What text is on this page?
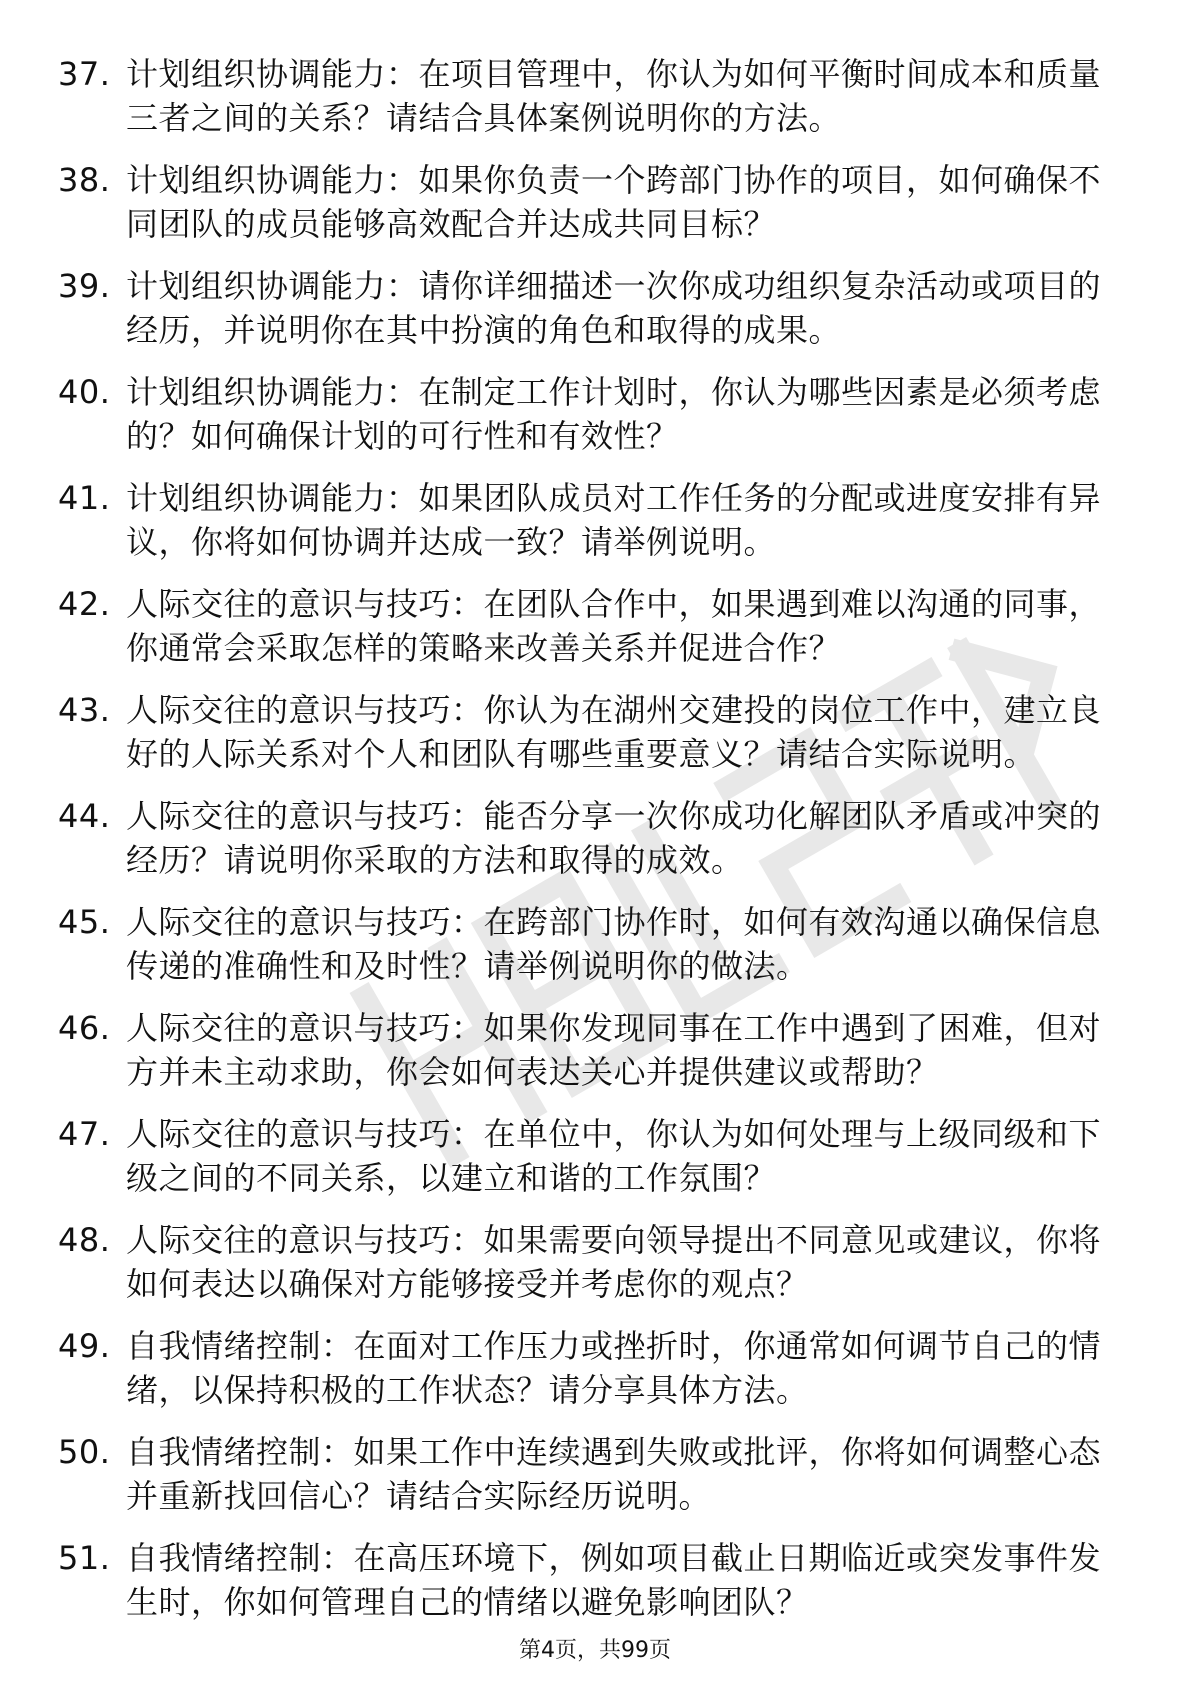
37. 计划组织协调能力：在项目管理中，你认为如何平衡时间成本和质量三者之间的关系？请结合具体案例说明你的方法。
38. 计划组织协调能力：如果你负责一个跨部门协作的项目，如何确保不同团队的成员能够高效配合并达成共同目标？
39. 计划组织协调能力：请你详细描述一次你成功组织复杂活动或项目的经历，并说明你在其中扮演的角色和取得的成果。
40. 计划组织协调能力：在制定工作计划时，你认为哪些因素是必须考虑的？如何确保计划的可行性和有效性？
41. 计划组织协调能力：如果团队成员对工作任务的分配或进度安排有异议，你将如何协调并达成一致？请举例说明。
42. 人际交往的意识与技巧：在团队合作中，如果遇到难以沟通的同事，你通常会采取怎样的策略来改善关系并促进合作？
43. 人际交往的意识与技巧：你认为在湖州交建投的岗位工作中，建立良好的人际关系对个人和团队有哪些重要意义？请结合实际说明。
44. 人际交往的意识与技巧：能否分享一次你成功化解团队矛盾或冲突的经历？请说明你采取的方法和取得的成效。
45. 人际交往的意识与技巧：在跨部门协作时，如何有效沟通以确保信息传递的准确性和及时性？请举例说明你的做法。
46. 人际交往的意识与技巧：如果你发现同事在工作中遇到了困难，但对方并未主动求助，你会如何表达关心并提供建议或帮助？
47. 人际交往的意识与技巧：在单位中，你认为如何处理与上级同级和下级之间的不同关系，以建立和谐的工作氛围？
48. 人际交往的意识与技巧：如果需要向领导提出不同意见或建议，你将如何表达以确保对方能够接受并考虑你的观点？
49. 自我情绪控制：在面对工作压力或挫折时，你通常如何调节自己的情绪，以保持积极的工作状态？请分享具体方法。
50. 自我情绪控制：如果工作中连续遇到失败或批评，你将如何调整心态并重新找回信心？请结合实际经历说明。
51. 自我情绪控制：在高压环境下，例如项目截止日期临近或突发事件发生时，你如何管理自己的情绪以避免影响团队？
第4页，共99页
